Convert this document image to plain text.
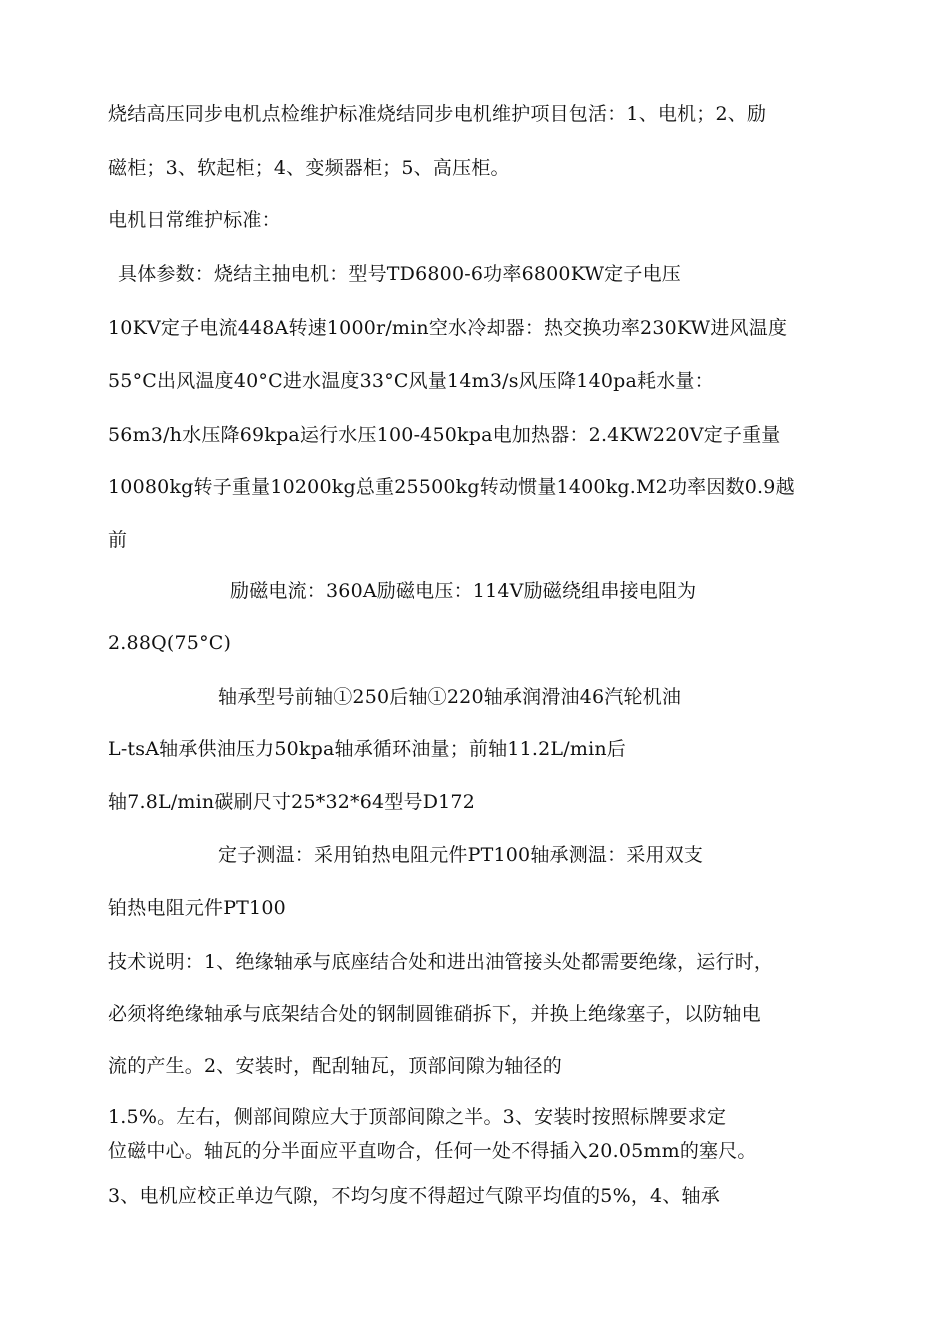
烧结高压同步电机点检维护标准烧结同步电机维护项目包活：1、电机；2、励
磁柜；3、软起柜；4、变频器柜；5、高压柜。
电机日常维护标准：
具体参数：烧结主抽电机：型号TD6800-6功率6800KW定子电压
10KV定子电流448A转速1000r/min空水冷却器：热交换功率230KW进风温度
55°C出风温度40°C进水温度33°C风量14m3/s风压降140pa耗水量：
56m3/h水压降69kpa运行水压100-450kpa电加热器：2.4KW220V定子重量
10080kg转子重量10200kg总重25500kg转动惯量1400kg.M2功率因数0.9越
前
励磁电流：360A励磁电压：114V励磁绕组串接电阻为
2.88Q(75°C)
轴承型号前轴①250后轴①220轴承润滑油46汽轮机油
L-tsA轴承供油压力50kpa轴承循环油量；前轴11.2L/min后
轴7.8L/min碳刷尺寸25*32*64型号D172
定子测温：采用铂热电阻元件PT100轴承测温：采用双支
铂热电阻元件PT100
技术说明：1、绝缘轴承与底座结合处和进出油管接头处都需要绝缘，运行时，
必须将绝缘轴承与底架结合处的钢制圆锥硝拆下，并换上绝缘塞子，以防轴电
流的产生。2、安装时，配刮轴瓦，顶部间隙为轴径的
1.5%。左右，侧部间隙应大于顶部间隙之半。3、安装时按照标牌要求定
位磁中心。轴瓦的分半面应平直吻合，任何一处不得插入20.05mm的塞尺。
3、电机应校正单边气隙，不均匀度不得超过气隙平均值的5%，4、轴承
